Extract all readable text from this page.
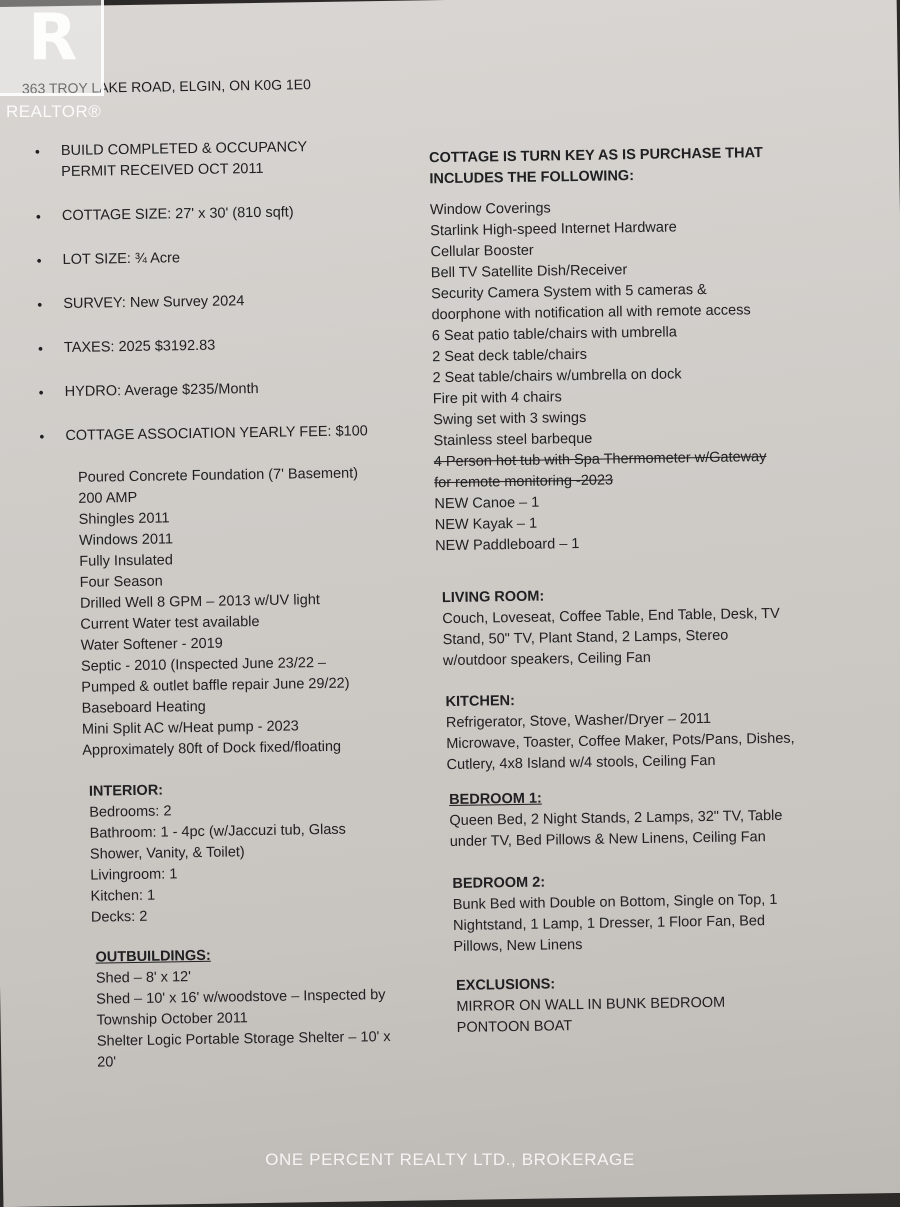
363 TROY LAKE ROAD, ELGIN, ON K0G 1E0
• BUILD COMPLETED & OCCUPANCY PERMIT RECEIVED OCT 2011
• COTTAGE SIZE: 27' x 30' (810 sqft)
• LOT SIZE: ¾ Acre
• SURVEY: New Survey 2024
• TAXES: 2025 $3192.83
• HYDRO: Average $235/Month
• COTTAGE ASSOCIATION YEARLY FEE: $100
Poured Concrete Foundation (7' Basement)
200 AMP
Shingles 2011
Windows 2011
Fully Insulated
Four Season
Drilled Well 8 GPM – 2013 w/UV light
Current Water test available
Water Softener - 2019
Septic - 2010 (Inspected June 23/22 –
Pumped & outlet baffle repair June 29/22)
Baseboard Heating
Mini Split AC w/Heat pump - 2023
Approximately 80ft of Dock fixed/floating
INTERIOR:
Bedrooms: 2
Bathroom: 1 - 4pc (w/Jaccuzi tub, Glass
Shower, Vanity, & Toilet)
Livingroom: 1
Kitchen: 1
Decks: 2
OUTBUILDINGS:
Shed – 8' x 12'
Shed – 10' x 16' w/woodstove – Inspected by
Township October 2011
Shelter Logic Portable Storage Shelter – 10' x
20'
COTTAGE IS TURN KEY AS IS PURCHASE THAT
INCLUDES THE FOLLOWING:
Window Coverings
Starlink High-speed Internet Hardware
Cellular Booster
Bell TV Satellite Dish/Receiver
Security Camera System with 5 cameras &
doorphone with notification all with remote access
6 Seat patio table/chairs with umbrella
2 Seat deck table/chairs
2 Seat table/chairs w/umbrella on dock
Fire pit with 4 chairs
Swing set with 3 swings
Stainless steel barbeque
4 Person hot tub with Spa Thermometer w/Gateway
for remote monitoring -2023
NEW Canoe – 1
NEW Kayak – 1
NEW Paddleboard – 1
LIVING ROOM:
Couch, Loveseat, Coffee Table, End Table, Desk, TV
Stand, 50" TV, Plant Stand, 2 Lamps, Stereo
w/outdoor speakers, Ceiling Fan
KITCHEN:
Refrigerator, Stove, Washer/Dryer – 2011
Microwave, Toaster, Coffee Maker, Pots/Pans, Dishes,
Cutlery, 4x8 Island w/4 stools, Ceiling Fan
BEDROOM 1:
Queen Bed, 2 Night Stands, 2 Lamps, 32" TV, Table
under TV, Bed Pillows & New Linens, Ceiling Fan
BEDROOM 2:
Bunk Bed with Double on Bottom, Single on Top, 1
Nightstand, 1 Lamp, 1 Dresser, 1 Floor Fan, Bed
Pillows, New Linens
EXCLUSIONS:
MIRROR ON WALL IN BUNK BEDROOM
PONTOON BOAT
R
REALTOR®
ONE PERCENT REALTY LTD., BROKERAGE
